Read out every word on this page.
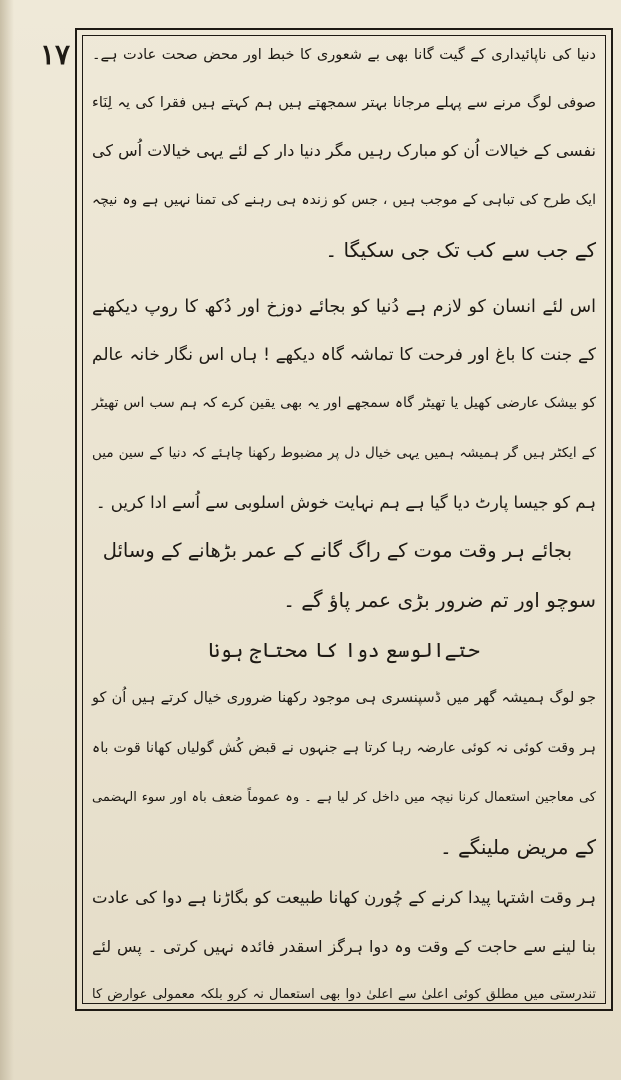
١٧ دنیا کی ناپائیداری کے گیت گانا بھی بے شعوری کا خبط اور محض صحت عادت ہے۔
صوفی لوگ مرنے سے پہلے مرجانا بہتر سمجھتے ہیں ہم کہتے ہیں فقرا کی یہ لِنَاء
نفسی کے خیالات اُن کو مبارک رہیں مگر دنیا دار کے لئے یہی خیالات اُس کی
ایک طرح کی تباہی کے موجب ہیں ، جس کو زندہ ہی رہنے کی تمنا نہیں ہے وہ نیچہ
کے جب سے کب تک جی سکیگا ۔
اس لئے انسان کو لازم ہے دُنیا کو بجائے دوزخ اور دُکھ کا روپ دیکھنے
کے جنت کا باغ اور فرحت کا تماشہ گاہ دیکھے ! ہاں اس نگار خانہ عالم
کو بیشک عارضی کھیل یا تھیٹر گاہ سمجھے اور یہ بھی یقین کرے کہ ہم سب اس تھیٹر
کے ایکٹر ہیں گر ہمیشہ ہمیں یہی خیال دل پر مضبوط رکھنا چاہئے کہ دنیا کے سین میں
ہم کو جیسا پارٹ دیا گیا ہے ہم نہایت خوش اسلوبی سے اُسے ادا کریں ۔
بجائے ہر وقت موت کے راگ گانے کے عمر بڑھانے کے وسائل
سوچو اور تم ضرور بڑی عمر پاؤ گے ۔
حتےالوسع دوا کا محتاج ہونا
جو لوگ ہمیشہ گھر میں ڈسپنسری ہی موجود رکھنا ضروری خیال کرتے ہیں اُن کو
ہر وقت کوئی نہ کوئی عارضہ رہا کرتا ہے جنہوں نے قبض کُش گولیاں کھانا قوت باہ
کی معاجین استعمال کرنا نیچہ میں داخل کر لیا ہے ۔ وہ عموماً ضعف باہ اور سوء الہضمی
کے مریض ملینگے ۔
ہر وقت اشتہا پیدا کرنے کے چُورن کھانا طبیعت کو بگاڑنا ہے دوا کی عادت
بنا لینے سے حاجت کے وقت وہ دوا ہرگز اسقدر فائدہ نہیں کرتی ۔ پس لئے
تندرستی میں مطلق کوئی اعلیٰ سے اعلیٰ دوا بھی استعمال نہ کرو بلکہ معمولی عوارض کا
